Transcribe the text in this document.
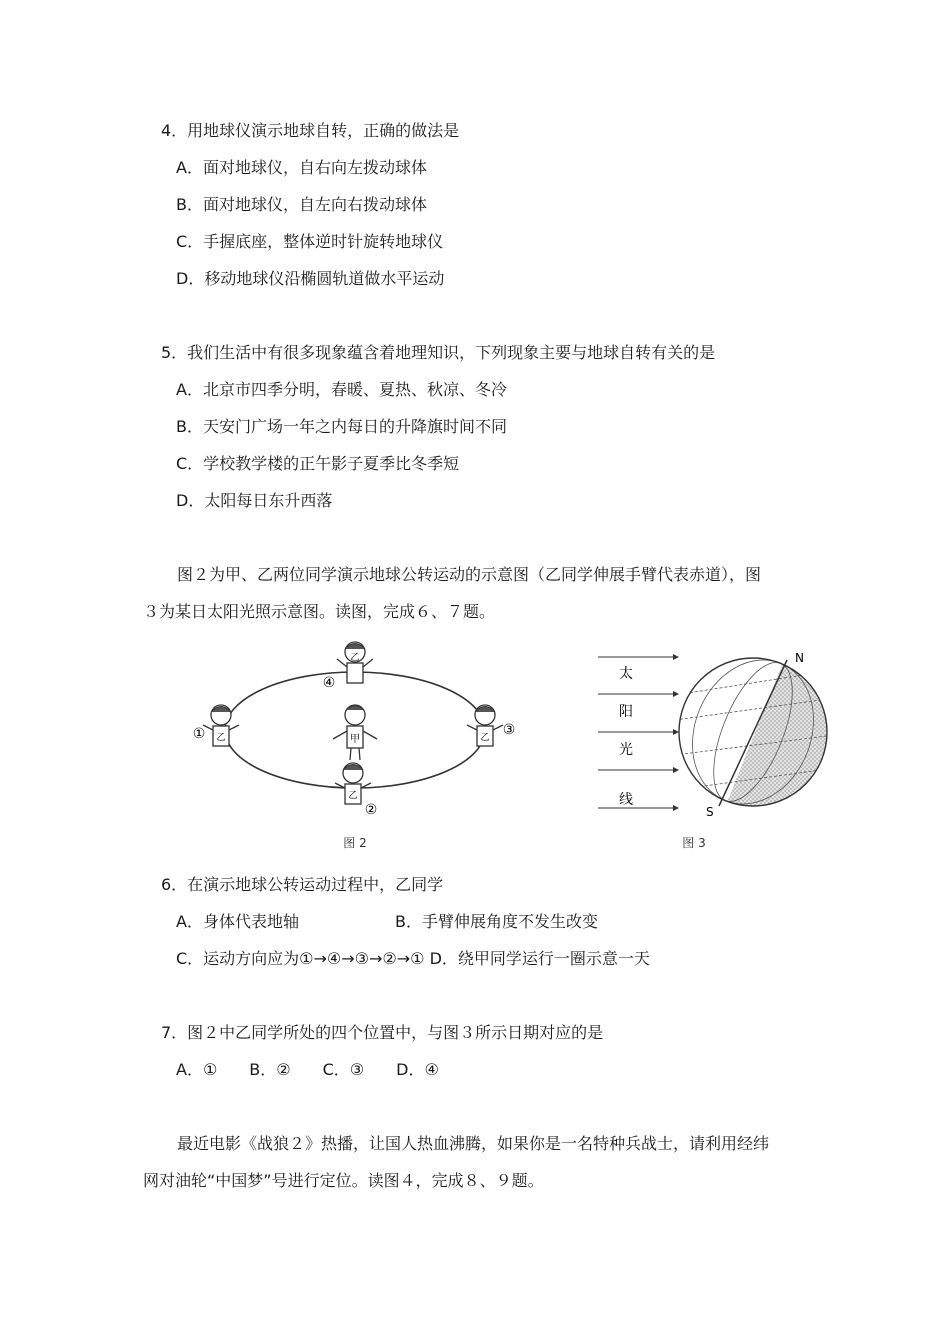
4．用地球仪演示地球自转，正确的做法是
A．面对地球仪，自右向左拨动球体
B．面对地球仪，自左向右拨动球体
C．手握底座，整体逆时针旋转地球仪
D．移动地球仪沿椭圆轨道做水平运动
5．我们生活中有很多现象蕴含着地理知识，下列现象主要与地球自转有关的是
A．北京市四季分明，春暖、夏热、秋凉、冬冷
B．天安门广场一年之内每日的升降旗时间不同
C．学校教学楼的正午影子夏季比冬季短
D．太阳每日东升西落
图２为甲、乙两位同学演示地球公转运动的示意图（乙同学伸展手臂代表赤道），图
３为某日太阳光照示意图。读图，完成６、７题。
甲
乙
④
乙
①	乙 ③
乙
②
图 2
太
阳
光
线
N
S
图 3
6．在演示地球公转运动过程中，乙同学
A．身体代表地轴	B．手臂伸展角度不发生改变
C．运动方向应为①→④→③→②→① D．绕甲同学运行一圈示意一天
7．图２中乙同学所处的四个位置中，与图３所示日期对应的是
A．①　　B．②　　C．③　　D．④
最近电影《战狼２》热播，让国人热血沸腾，如果你是一名特种兵战士，请利用经纬
网对油轮“中国梦”号进行定位。读图４，完成８、９题。
